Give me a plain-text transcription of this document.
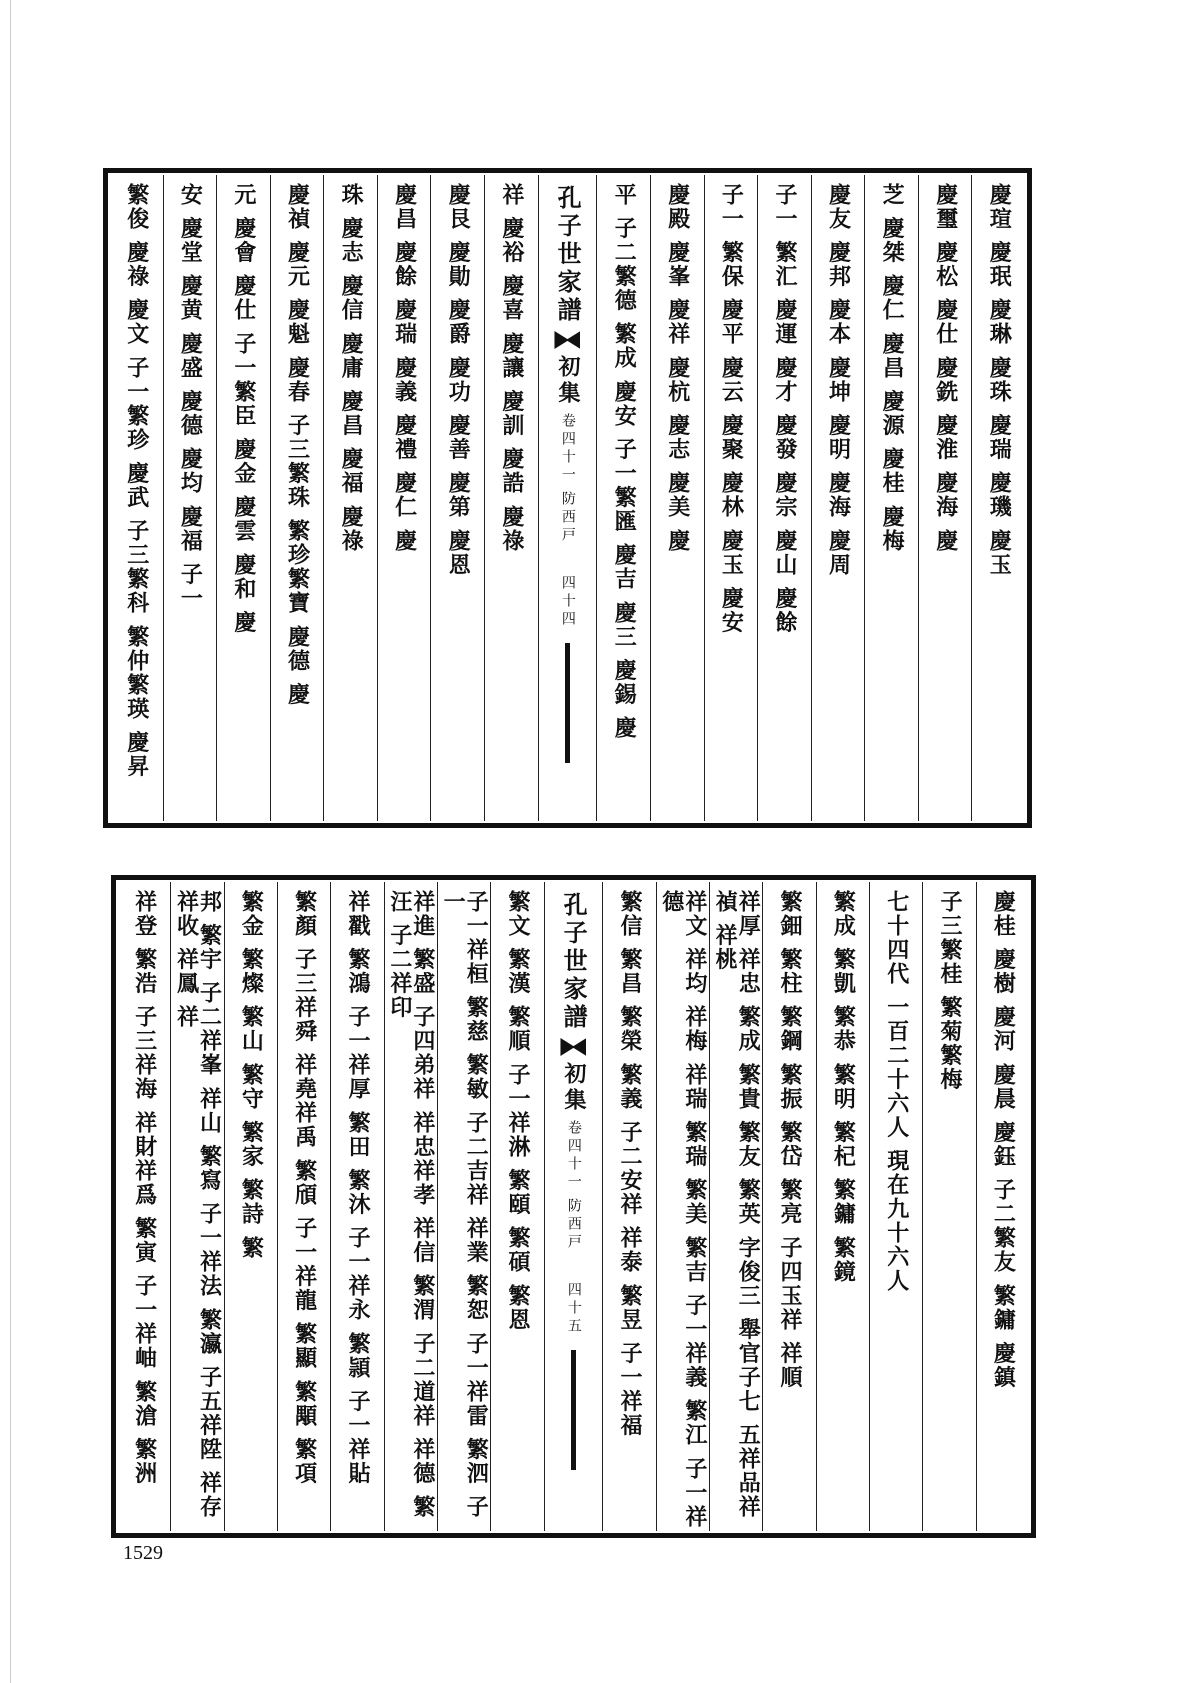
慶瑄 慶珉 慶琳 慶珠 慶瑞 慶璣 慶玉
慶璽 慶松 慶仕 慶銑 慶淮 慶海 慶
芝 慶桀 慶仁 慶昌 慶源 慶桂 慶梅
慶友 慶邦 慶本 慶坤 慶明 慶海 慶周
子一 繁汇 慶運 慶才 慶發 慶宗 慶山 慶餘
子一 繁保 慶平 慶云 慶聚 慶林 慶玉 慶安
慶殿 慶峯 慶祥 慶杭 慶志 慶美 慶
平 子二繁德 繁成 慶安 子一繁匯 慶吉 慶三 慶錫 慶
孔子世家譜
初集
卷四十一
防西戸
四十四
祥 慶裕 慶喜 慶讓 慶訓 慶誥 慶祿
慶艮 慶勛 慶爵 慶功 慶善 慶第 慶恩
慶昌 慶餘 慶瑞 慶義 慶禮 慶仁 慶
珠 慶志 慶信 慶庸 慶昌 慶福 慶祿
慶禎 慶元 慶魁 慶春 子三繁珠 繁珍繁寶 慶德 慶
元 慶會 慶仕 子一繁臣 慶金 慶雲 慶和 慶
安 慶堂 慶黄 慶盛 慶德 慶均 慶福 子一
繁俊 慶祿 慶文 子一繁珍 慶武 子三繁科 繁仲繁瑛 慶昇
慶桂 慶樹 慶河 慶晨 慶鈺 子二繁友 繁鏞 慶鎮
子三繁桂 繁菊繁梅
七十四代 一百二十六人 現在九十六人
繁成 繁凱 繁恭 繁明 繁杞 繁鏞 繁鏡
繁鈿 繁柱 繁鋼 繁振 繁岱 繁亮 子四玉祥 祥順
祥厚 祥忠 繁成 繁貴 繁友 繁英 字俊三 舉官子七 五祥品祥禎 祥桃
祥文 祥均 祥梅 祥瑞 繁瑞 繁美 繁吉 子一祥義 繁江 子一祥德
繁信 繁昌 繁榮 繁義 子二安祥 祥泰 繁昱 子一祥福
孔子世家譜
初集
卷四十一
防西戸
四十五
繁文 繁漢 繁順 子一祥淋 繁頤 繁碩 繁恩
子一祥桓 繁慈 繁敏 子二吉祥 祥業 繁恕 子一祥雷 繁泗 子一
祥進 繁盛 子四弟祥 祥忠祥孝 祥信 繁渭 子二道祥 祥德 繁汪 子二祥印
祥戳 繁鴻 子一祥厚 繁田 繁沐 子一祥永 繁頴 子一祥貼
繁顏 子三祥舜 祥堯祥禹 繁頎 子一祥龍 繁顯 繁顒 繁項
繁金 繁燦 繁山 繁守 繁家 繁詩 繁
邦 繁宇 子二祥峯 祥山 繁寫 子一祥法 繁瀛 子五祥陞 祥存祥收 祥鳳 祥
祥登 繁浩 子三祥海 祥財祥爲 繁寅 子一祥岫 繁滄 繁洲
1529
